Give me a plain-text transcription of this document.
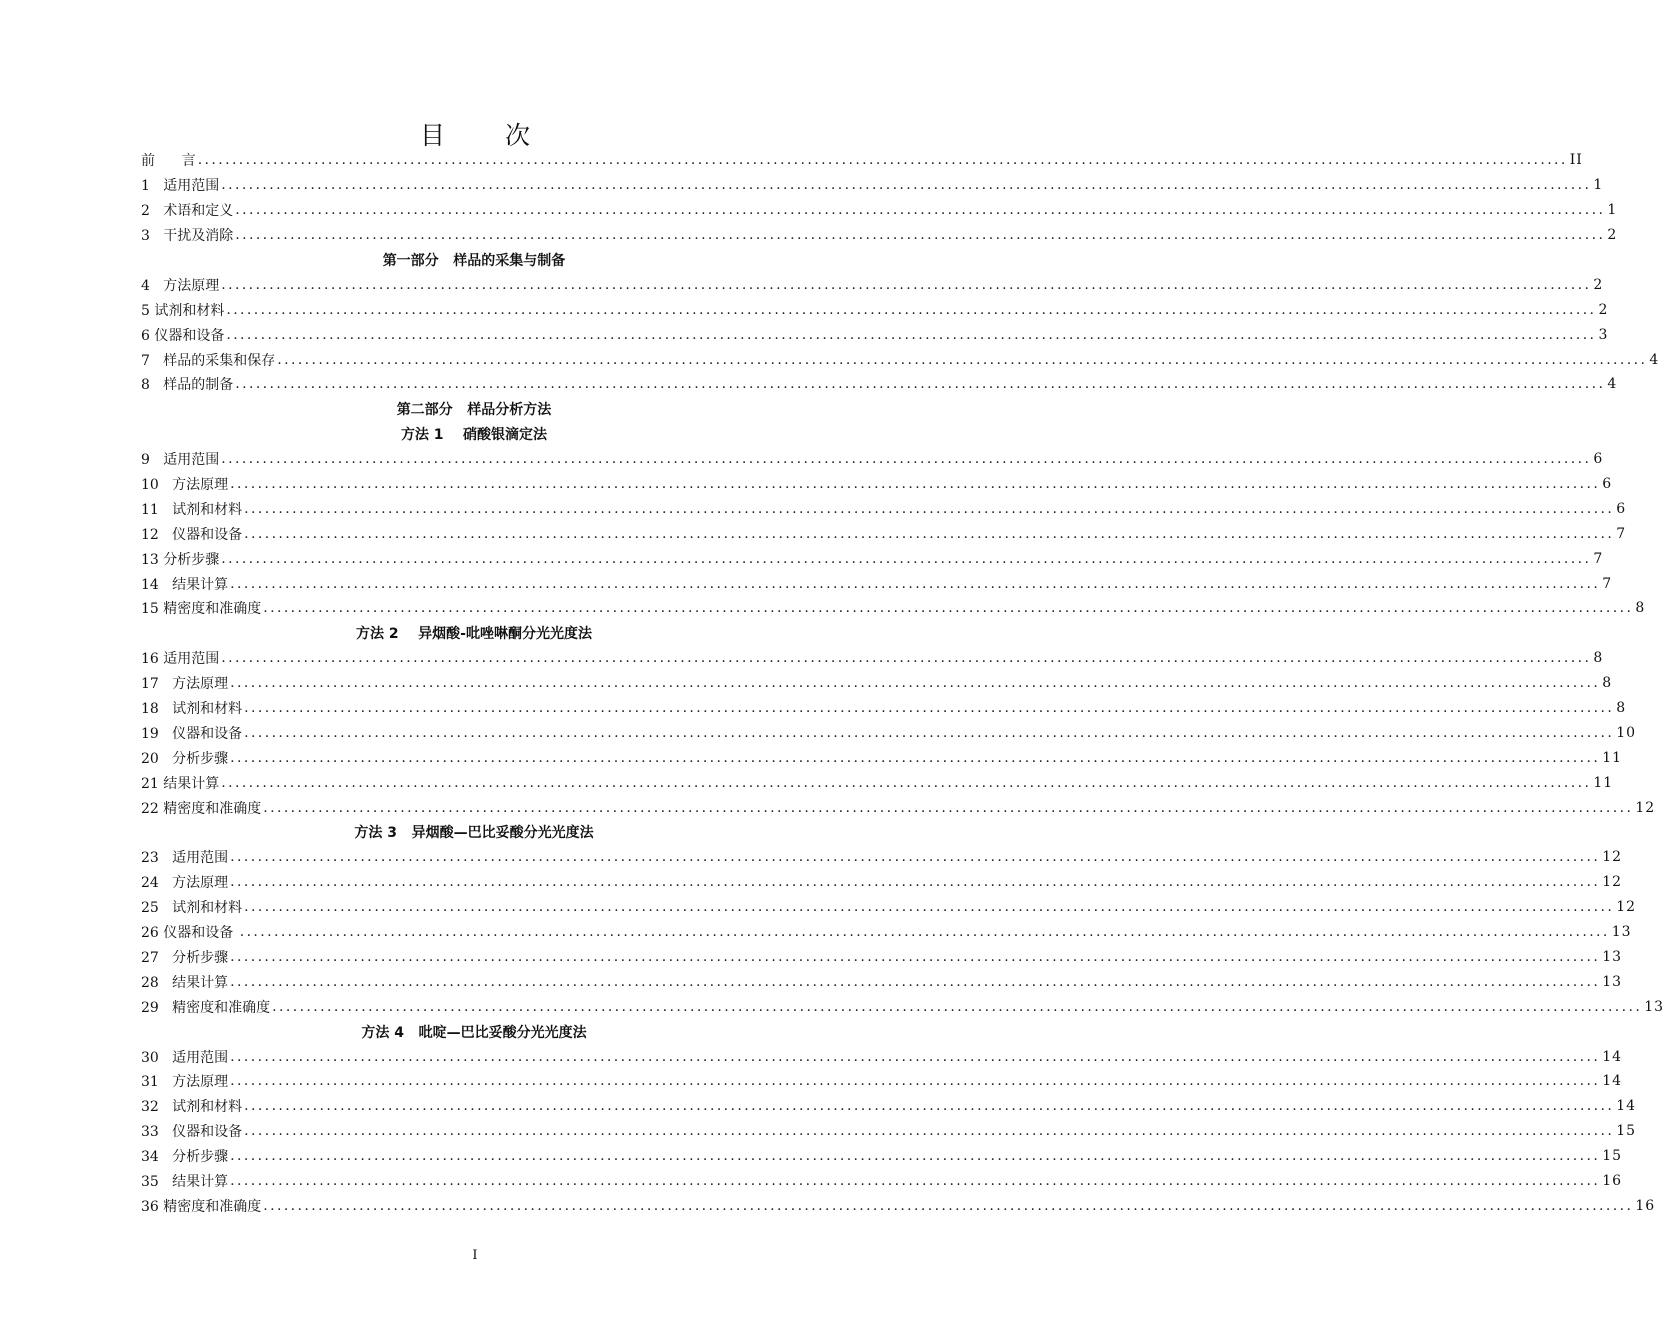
目 次
前      言 ........................................................................................................................................................................................................ II
1   适用范围 ........................................................................................................................................................................................................ 1
2   术语和定义 ........................................................................................................................................................................................................ 1
3   干扰及消除 ........................................................................................................................................................................................................ 2
第一部分   样品的采集与制备
4   方法原理 ........................................................................................................................................................................................................ 2
5 试剂和材料 ........................................................................................................................................................................................................ 2
6 仪器和设备 ........................................................................................................................................................................................................ 3
7   样品的采集和保存 ........................................................................................................................................................................................................ 4
8   样品的制备 ........................................................................................................................................................................................................ 4
第二部分   样品分析方法
方法 1    硝酸银滴定法
9   适用范围 ........................................................................................................................................................................................................ 6
10   方法原理 ........................................................................................................................................................................................................ 6
11   试剂和材料 ........................................................................................................................................................................................................ 6
12   仪器和设备 ........................................................................................................................................................................................................ 7
13 分析步骤 ........................................................................................................................................................................................................ 7
14   结果计算 ........................................................................................................................................................................................................ 7
15 精密度和准确度 ........................................................................................................................................................................................................ 8
方法 2    异烟酸-吡唑啉酮分光光度法
16 适用范围 ........................................................................................................................................................................................................ 8
17   方法原理 ........................................................................................................................................................................................................ 8
18   试剂和材料 ........................................................................................................................................................................................................ 8
19   仪器和设备 ........................................................................................................................................................................................................ 10
20   分析步骤 ........................................................................................................................................................................................................ 11
21 结果计算 ........................................................................................................................................................................................................ 11
22 精密度和准确度 ........................................................................................................................................................................................................ 12
方法 3   异烟酸—巴比妥酸分光光度法
23   适用范围 ........................................................................................................................................................................................................ 12
24   方法原理 ........................................................................................................................................................................................................ 12
25   试剂和材料 ........................................................................................................................................................................................................ 12
26 仪器和设备 ........................................................................................................................................................................................................ 13
27   分析步骤 ........................................................................................................................................................................................................ 13
28   结果计算 ........................................................................................................................................................................................................ 13
29   精密度和准确度 ........................................................................................................................................................................................................ 13
方法 4   吡啶—巴比妥酸分光光度法
30   适用范围 ........................................................................................................................................................................................................ 14
31   方法原理 ........................................................................................................................................................................................................ 14
32   试剂和材料 ........................................................................................................................................................................................................ 14
33   仪器和设备 ........................................................................................................................................................................................................ 15
34   分析步骤 ........................................................................................................................................................................................................ 15
35   结果计算 ........................................................................................................................................................................................................ 16
36 精密度和准确度 ........................................................................................................................................................................................................ 16
I
